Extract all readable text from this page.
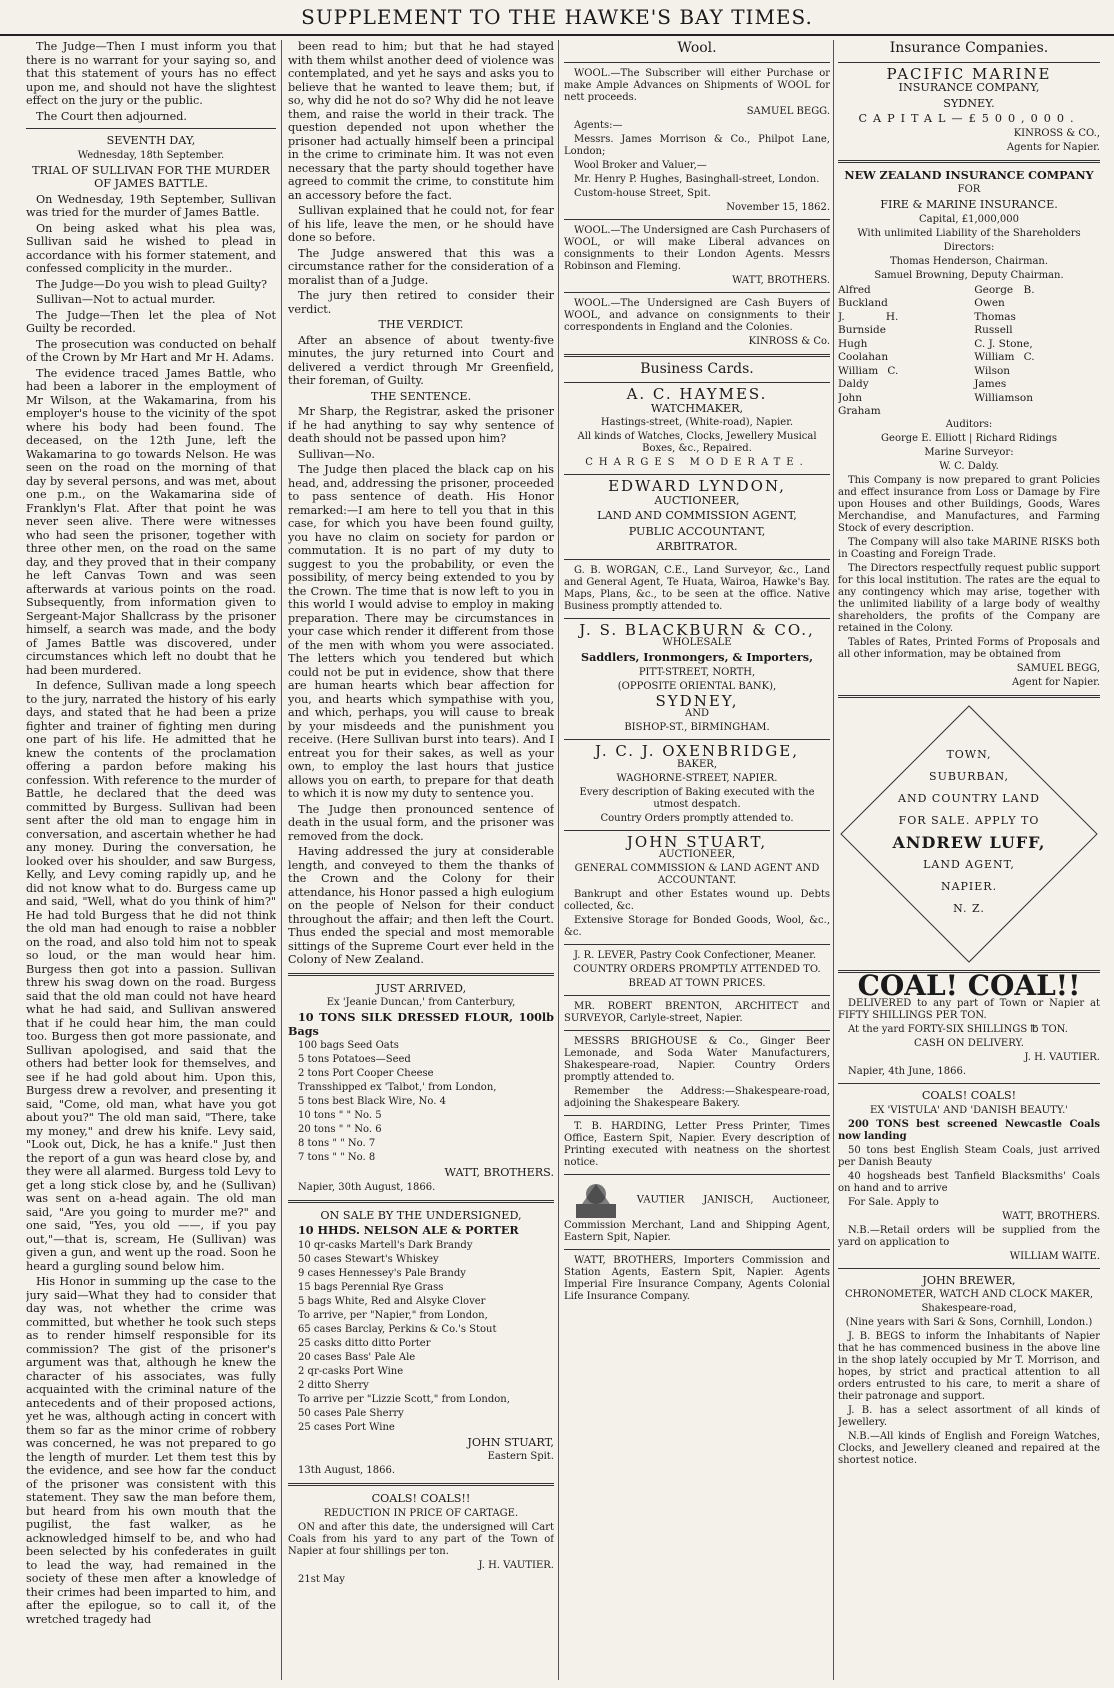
SUPPLEMENT TO THE HAWKE'S BAY TIMES.

The Judge—Then I must inform you that there is no warrant for your saying so, and that this statement of yours has no effect upon me, and should not have the slightest effect on the jury or the public.

The Court then adjourned.

SEVENTH DAY,

Wednesday, 18th September.

TRIAL OF SULLIVAN FOR THE MURDER OF JAMES BATTLE.

On Wednesday, 19th September, Sullivan was tried for the murder of James Battle.

On being asked what his plea was, Sullivan said he wished to plead in accordance with his former statement, and confessed complicity in the murder..

The Judge—Do you wish to plead Guilty?

Sullivan—Not to actual murder.

The Judge—Then let the plea of Not Guilty be recorded.

The prosecution was conducted on behalf of the Crown by Mr Hart and Mr H. Adams.

The evidence traced James Battle, who had been a laborer in the employment of Mr Wilson, at the Wakamarina, from his employer's house to the vicinity of the spot where his body had been found. The deceased, on the 12th June, left the Wakamarina to go towards Nelson. He was seen on the road on the morning of that day by several persons, and was met, about one p.m., on the Wakamarina side of Franklyn's Flat. After that point he was never seen alive. There were witnesses who had seen the prisoner, together with three other men, on the road on the same day, and they proved that in their company he left Canvas Town and was seen afterwards at various points on the road. Subsequently, from information given to Sergeant-Major Shallcrass by the prisoner himself, a search was made, and the body of James Battle was discovered, under circumstances which left no doubt that he had been murdered.

In defence, Sullivan made a long speech to the jury, narrated the history of his early days, and stated that he had been a prize fighter and trainer of fighting men during one part of his life. He admitted that he knew the contents of the proclamation offering a pardon before making his confession. With reference to the murder of Battle, he declared that the deed was committed by Burgess. Sullivan had been sent after the old man to engage him in conversation, and ascertain whether he had any money. During the conversation, he looked over his shoulder, and saw Burgess, Kelly, and Levy coming rapidly up, and he did not know what to do. Burgess came up and said, "Well, what do you think of him?" He had told Burgess that he did not think the old man had enough to raise a nobbler on the road, and also told him not to speak so loud, or the man would hear him. Burgess then got into a passion. Sullivan threw his swag down on the road. Burgess said that the old man could not have heard what he had said, and Sullivan answered that if he could hear him, the man could too. Burgess then got more passionate, and Sullivan apologised, and said that the others had better look for themselves, and see if he had gold about him. Upon this, Burgess drew a revolver, and presenting it said, "Come, old man, what have you got about you?" The old man said, "There, take my money," and drew his knife. Levy said, "Look out, Dick, he has a knife." Just then the report of a gun was heard close by, and they were all alarmed. Burgess told Levy to get a long stick close by, and he (Sullivan) was sent on a-head again. The old man said, "Are you going to murder me?" and one said, "Yes, you old ——, if you pay out,"—that is, scream, He (Sullivan) was given a gun, and went up the road. Soon he heard a gurgling sound below him.

His Honor in summing up the case to the jury said—What they had to consider that day was, not whether the crime was committed, but whether he took such steps as to render himself responsible for its commission? The gist of the prisoner's argument was that, although he knew the character of his associates, was fully acquainted with the criminal nature of the antecedents and of their proposed actions, yet he was, although acting in concert with them so far as the minor crime of robbery was concerned, he was not prepared to go the length of murder. Let them test this by the evidence, and see how far the conduct of the prisoner was consistent with this statement. They saw the man before them, but heard from his own mouth that the pugilist, the fast walker, as he acknowledged himself to be, and who had been selected by his confederates in guilt to lead the way, had remained in the society of these men after a knowledge of their crimes had been imparted to him, and after the epilogue, so to call it, of the wretched tragedy had

been read to him; but that he had stayed with them whilst another deed of violence was contemplated, and yet he says and asks you to believe that he wanted to leave them; but, if so, why did he not do so? Why did he not leave them, and raise the world in their track. The question depended not upon whether the prisoner had actually himself been a principal in the crime to criminate him. It was not even necessary that the party should together have agreed to commit the crime, to constitute him an accessory before the fact.

Sullivan explained that he could not, for fear of his life, leave the men, or he should have done so before.

The Judge answered that this was a circumstance rather for the consideration of a moralist than of a Judge.

The jury then retired to consider their verdict.

THE VERDICT.

After an absence of about twenty-five minutes, the jury returned into Court and delivered a verdict through Mr Greenfield, their foreman, of Guilty.

THE SENTENCE.

Mr Sharp, the Registrar, asked the prisoner if he had anything to say why sentence of death should not be passed upon him?

Sullivan—No.

The Judge then placed the black cap on his head, and, addressing the prisoner, proceeded to pass sentence of death. His Honor remarked:—I am here to tell you that in this case, for which you have been found guilty, you have no claim on society for pardon or commutation. It is no part of my duty to suggest to you the probability, or even the possibility, of mercy being extended to you by the Crown. The time that is now left to you in this world I would advise to employ in making preparation. There may be circumstances in your case which render it different from those of the men with whom you were associated. The letters which you tendered but which could not be put in evidence, show that there are human hearts which bear affection for you, and hearts which sympathise with you, and which, perhaps, you will cause to break by your misdeeds and the punishment you receive. (Here Sullivan burst into tears). And I entreat you for their sakes, as well as your own, to employ the last hours that justice allows you on earth, to prepare for that death to which it is now my duty to sentence you.

The Judge then pronounced sentence of death in the usual form, and the prisoner was removed from the dock.

Having addressed the jury at considerable length, and conveyed to them the thanks of the Crown and the Colony for their attendance, his Honor passed a high eulogium on the people of Nelson for their conduct throughout the affair; and then left the Court. Thus ended the special and most memorable sittings of the Supreme Court ever held in the Colony of New Zealand.

JUST ARRIVED,

Ex 'Jeanie Duncan,' from Canterbury,

10 TONS SILK DRESSED FLOUR, 100lb Bags

100 bags Seed Oats

5 tons Potatoes—Seed

2 tons Port Cooper Cheese

Transshipped ex 'Talbot,' from London,

5 tons best Black Wire, No. 4

10 tons " " No. 5

20 tons " " No. 6

8 tons " " No. 7

7 tons " " No. 8

WATT, BROTHERS.

Napier, 30th August, 1866.

ON SALE BY THE UNDERSIGNED,

10 HHDS. NELSON ALE & PORTER

10 qr-casks Martell's Dark Brandy

50 cases Stewart's Whiskey

9 cases Hennessey's Pale Brandy

15 bags Perennial Rye Grass

5 bags White, Red and Alsyke Clover

To arrive, per "Napier," from London,

65 cases Barclay, Perkins & Co.'s Stout

25 casks ditto ditto Porter

20 cases Bass' Pale Ale

2 qr-casks Port Wine

2 ditto Sherry

To arrive per "Lizzie Scott," from London,

50 cases Pale Sherry

25 cases Port Wine

JOHN STUART,

Eastern Spit.

13th August, 1866.

COALS! COALS!!

REDUCTION IN PRICE OF CARTAGE.

ON and after this date, the undersigned will Cart Coals from his yard to any part of the Town of Napier at four shillings per ton.

J. H. VAUTIER.

21st May

Wool.

WOOL.—The Subscriber will either Purchase or make Ample Advances on Shipments of WOOL for nett proceeds.

SAMUEL BEGG.

Agents:—

Messrs. James Morrison & Co., Philpot Lane, London;

Wool Broker and Valuer,—

Mr. Henry P. Hughes, Basinghall-street, London.

Custom-house Street, Spit.

November 15, 1862.

WOOL.—The Undersigned are Cash Purchasers of WOOL, or will make Liberal advances on consignments to their London Agents. Messrs Robinson and Fleming.

WATT, BROTHERS.

WOOL.—The Undersigned are Cash Buyers of WOOL, and advance on consignments to their correspondents in England and the Colonies.

KINROSS & Co.

Business Cards.
A. C. HAYMES.

WATCHMAKER,

Hastings-street, (White-road), Napier.

All kinds of Watches, Clocks, Jewellery Musical Boxes, &c., Repaired.

CHARGES MODERATE.

EDWARD LYNDON,

AUCTIONEER,

LAND AND COMMISSION AGENT,

PUBLIC ACCOUNTANT,

ARBITRATOR.

G. B. WORGAN, C.E., Land Surveyor, &c., Land and General Agent, Te Huata, Wairoa, Hawke's Bay. Maps, Plans, &c., to be seen at the office. Native Business promptly attended to.

J. S. BLACKBURN & CO.,

WHOLESALE

Saddlers, Ironmongers, & Importers,

PITT-STREET, NORTH,

(OPPOSITE ORIENTAL BANK),

SYDNEY,

AND

BISHOP-ST., BIRMINGHAM.

J. C. J. OXENBRIDGE,

BAKER,

WAGHORNE-STREET, NAPIER.

Every description of Baking executed with the utmost despatch.

Country Orders promptly attended to.

JOHN STUART,

AUCTIONEER,

GENERAL COMMISSION & LAND AGENT AND ACCOUNTANT.

Bankrupt and other Estates wound up. Debts collected, &c.

Extensive Storage for Bonded Goods, Wool, &c., &c.

J. R. LEVER, Pastry Cook Confectioner, Meaner.

COUNTRY ORDERS PROMPTLY ATTENDED TO.

BREAD AT TOWN PRICES.

MR. ROBERT BRENTON, ARCHITECT and SURVEYOR, Carlyle-street, Napier.

MESSRS BRIGHOUSE & Co., Ginger Beer Lemonade, and Soda Water Manufacturers, Shakespeare-road, Napier. Country Orders promptly attended to.

Remember the Address:—Shakespeare-road, adjoining the Shakespeare Bakery.

T. B. HARDING, Letter Press Printer, Times Office, Eastern Spit, Napier. Every description of Printing executed with neatness on the shortest notice.

VAUTIER JANISCH, Auctioneer, Commission Merchant, Land and Shipping Agent, Eastern Spit, Napier.

WATT, BROTHERS, Importers Commission and Station Agents, Eastern Spit, Napier. Agents Imperial Fire Insurance Company, Agents Colonial Life Insurance Company.

Insurance Companies.
PACIFIC MARINE

INSURANCE COMPANY,

SYDNEY.

CAPITAL—£500,000.

KINROSS & CO.,

Agents for Napier.

NEW ZEALAND INSURANCE COMPANY

FOR

FIRE & MARINE INSURANCE.

Capital, £1,000,000

With unlimited Liability of the Shareholders

Directors:

Thomas Henderson, Chairman.

Samuel Browning, Deputy Chairman.

Alfred Buckland
J. H. Burnside
Hugh Coolahan
William C. Daldy
John Graham
George B. Owen
Thomas Russell
C. J. Stone,
William C. Wilson
James Williamson

Auditors:

George E. Elliott | Richard Ridings

Marine Surveyor:

W. C. Daldy.

This Company is now prepared to grant Policies and effect insurance from Loss or Damage by Fire upon Houses and other Buildings, Goods, Wares Merchandise, and Manufactures, and Farming Stock of every description.

The Company will also take MARINE RISKS both in Coasting and Foreign Trade.

The Directors respectfully request public support for this local institution. The rates are the equal to any contingency which may arise, together with the unlimited liability of a large body of wealthy shareholders, the profits of the Company are retained in the Colony.

Tables of Rates, Printed Forms of Proposals and all other information, may be obtained from

SAMUEL BEGG,

Agent for Napier.

TOWN,
SUBURBAN,
AND COUNTRY LAND
FOR SALE. APPLY TO
ANDREW LUFF,
LAND AGENT,
NAPIER.
N. Z.
COAL! COAL!!

DELIVERED to any part of Town or Napier at FIFTY SHILLINGS PER TON.

At the yard FORTY-SIX SHILLINGS ℔ TON.

CASH ON DELIVERY.

J. H. VAUTIER.

Napier, 4th June, 1866.

COALS! COALS!

EX 'VISTULA' AND 'DANISH BEAUTY.'

200 TONS best screened Newcastle Coals now landing

50 tons best English Steam Coals, just arrived per Danish Beauty

40 hogsheads best Tanfield Blacksmiths' Coals on hand and to arrive

For Sale. Apply to

WATT, BROTHERS.

N.B.—Retail orders will be supplied from the yard on application to

WILLIAM WAITE.

JOHN BREWER,

CHRONOMETER, WATCH AND CLOCK MAKER,

Shakespeare-road,

(Nine years with Sari & Sons, Cornhill, London.)

J. B. BEGS to inform the Inhabitants of Napier that he has commenced business in the above line in the shop lately occupied by Mr T. Morrison, and hopes, by strict and practical attention to all orders entrusted to his care, to merit a share of their patronage and support.

J. B. has a select assortment of all kinds of Jewellery.

N.B.—All kinds of English and Foreign Watches, Clocks, and Jewellery cleaned and repaired at the shortest notice.
